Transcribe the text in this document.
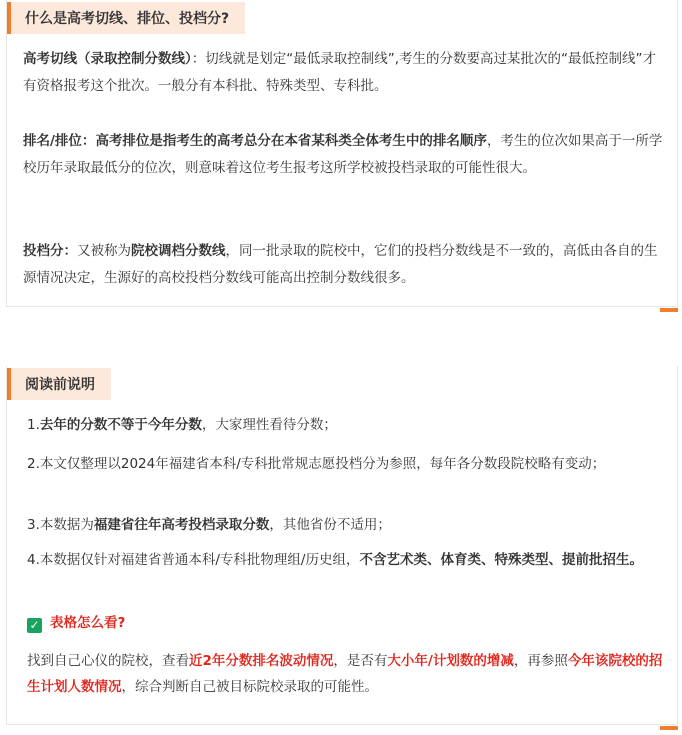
什么是高考切线、排位、投档分?

高考切线（录取控制分数线）：切线就是划定“最低录取控制线”,考生的分数要高过某批次的“最低控制线”才有资格报考这个批次。一般分有本科批、特殊类型、专科批。

排名/排位：高考排位是指考生的高考总分在本省某科类全体考生中的排名顺序，考生的位次如果高于一所学校历年录取最低分的位次，则意味着这位考生报考这所学校被投档录取的可能性很大。

投档分：又被称为院校调档分数线，同一批录取的院校中，它们的投档分数线是不一致的，高低由各自的生源情况决定，生源好的高校投档分数线可能高出控制分数线很多。

阅读前说明

1.去年的分数不等于今年分数，大家理性看待分数；

2.本文仅整理以2024年福建省本科/专科批常规志愿投档分为参照，每年各分数段院校略有变动；

3.本数据为福建省往年高考投档录取分数，其他省份不适用；

4.本数据仅针对福建省普通本科/专科批物理组/历史组，不含艺术类、体育类、特殊类型、提前批招生。

✓ 表格怎么看?

找到自己心仪的院校，查看近2年分数排名波动情况，是否有大小年/计划数的增减，再参照今年该院校的招生计划人数情况，综合判断自己被目标院校录取的可能性。
